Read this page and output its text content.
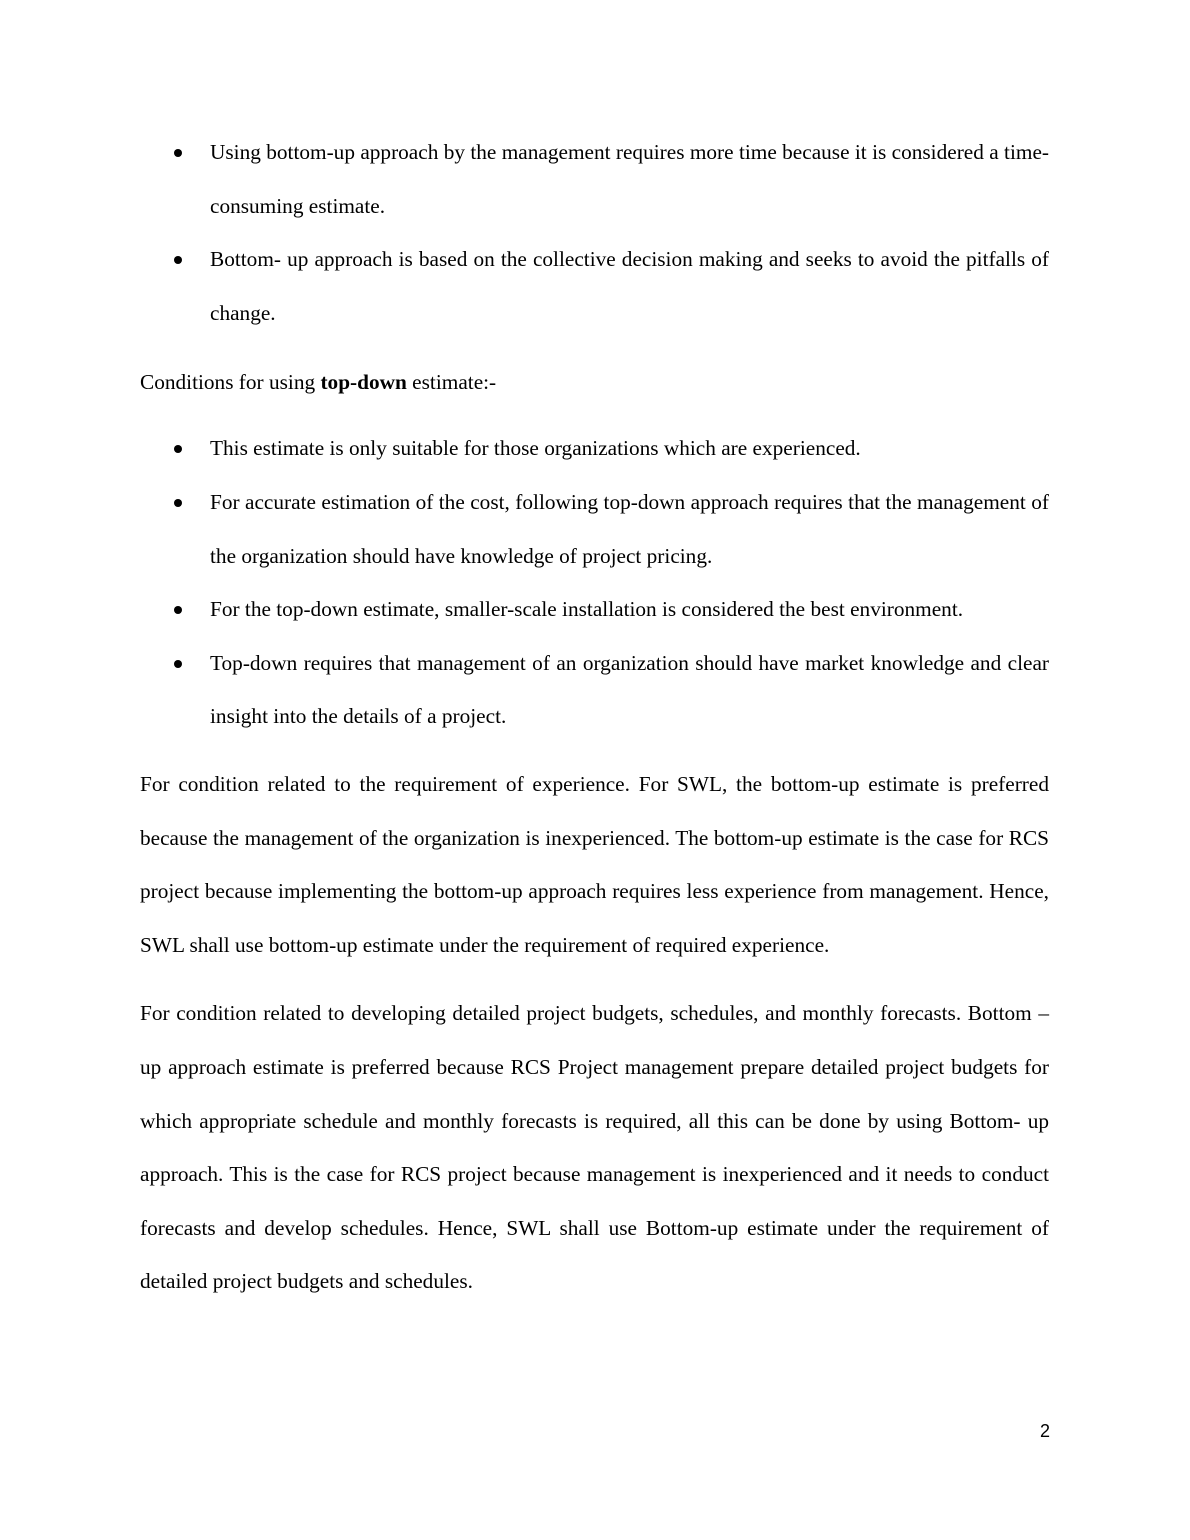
Using bottom-up approach by the management requires more time because it is considered a time-consuming estimate.
Bottom- up approach is based on the collective decision making and seeks to avoid the pitfalls of change.

Conditions for using top-down estimate:-

This estimate is only suitable for those organizations which are experienced.
For accurate estimation of the cost, following top-down approach requires that the management of the organization should have knowledge of project pricing.
For the top-down estimate, smaller-scale installation is considered the best environment.
Top-down requires that management of an organization should have market knowledge and clear insight into the details of a project.

For condition related to the requirement of experience. For SWL, the bottom-up estimate is preferred because the management of the organization is inexperienced. The bottom-up estimate is the case for RCS project because implementing the bottom-up approach requires less experience from management. Hence, SWL shall use bottom-up estimate under the requirement of required experience.

For condition related to developing detailed project budgets, schedules, and monthly forecasts. Bottom –up approach estimate is preferred because RCS Project management prepare detailed project budgets for which appropriate schedule and monthly forecasts is required, all this can be done by using Bottom- up approach. This is the case for RCS project because management is inexperienced and it needs to conduct forecasts and develop schedules. Hence, SWL shall use Bottom-up estimate under the requirement of detailed project budgets and schedules.

2
